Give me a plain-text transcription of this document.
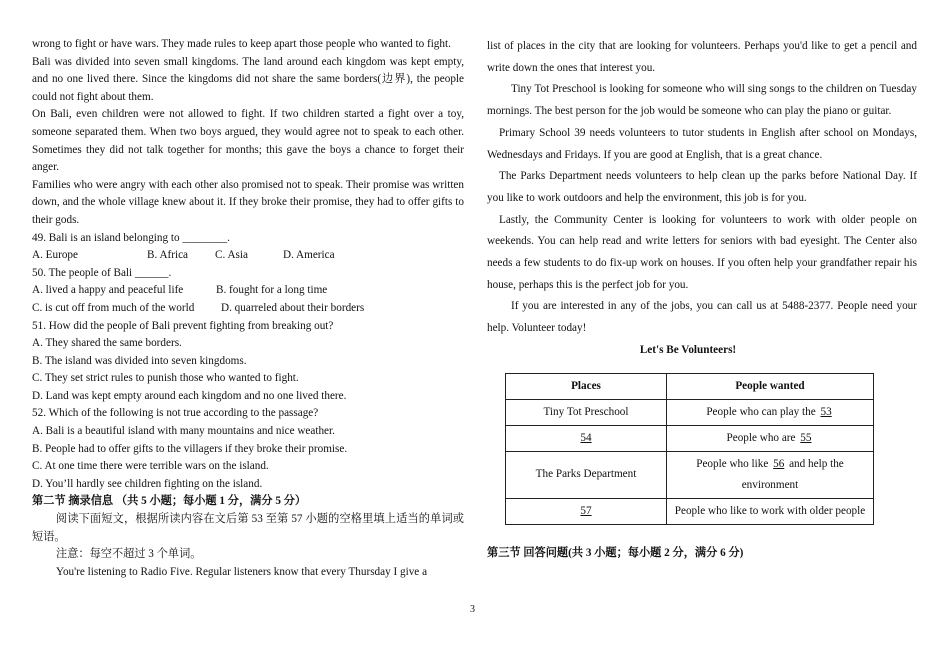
wrong to fight or have wars. They made rules to keep apart those people who wanted to fight.

Bali was divided into seven small kingdoms. The land around each kingdom was kept empty, and no one lived there. Since the kingdoms did not share the same borders(边界), the people could not fight about them.

On Bali, even children were not allowed to fight. If two children started a fight over a toy, someone separated them. When two boys argued, they would agree not to speak to each other. Sometimes they did not talk together for months; this gave the boys a chance to forget their anger.

Families who were angry with each other also promised not to speak. Their promise was written down, and the whole village knew about it. If they broke their promise, they had to offer gifts to their gods.

49. Bali is an island belonging to ________.

A. Europe	B. Africa	C. Asia	D. America

50. The people of Bali ______.

A. lived a happy and peaceful life	B. fought for a long time
C. is cut off from much of the world	D. quarreled about their borders

51. How did the people of Bali prevent fighting from breaking out?

A. They shared the same borders.

B. The island was divided into seven kingdoms.

C. They set strict rules to punish those who wanted to fight.

D. Land was kept empty around each kingdom and no one lived there.

52. Which of the following is not true according to the passage?

A. Bali is a beautiful island with many mountains and nice weather.

B. People had to offer gifts to the villagers if they broke their promise.

C. At one time there were terrible wars on the island.

D. You’ll hardly see children fighting on the island.

第二节 摘录信息 （共 5 小题；每小题 1 分，满分 5 分）

阅读下面短文，根据所读内容在文后第 53 至第 57 小题的空格里填上适当的单词或短语。

注意：每空不超过 3 个单词。

You're listening to Radio Five. Regular listeners know that every Thursday I give a

list of places in the city that are looking for volunteers. Perhaps you'd like to get a pencil and write down the ones that interest you.

Tiny Tot Preschool is looking for someone who will sing songs to the children on Tuesday mornings. The best person for the job would be someone who can play the piano or guitar.

Primary School 39 needs volunteers to tutor students in English after school on Mondays, Wednesdays and Fridays. If you are good at English, that is a great chance.

The Parks Department needs volunteers to help clean up the parks before National Day. If you like to work outdoors and help the environment, this job is for you.

Lastly, the Community Center is looking for volunteers to work with older people on weekends. You can help read and write letters for seniors with bad eyesight. The Center also needs a few students to do fix-up work on houses. If you often help your grandfather repair his house, perhaps this is the perfect job for you.

If you are interested in any of the jobs, you can call us at 5488-2377. People need your help. Volunteer today!

Let's Be Volunteers!

Places	People wanted
Tiny Tot Preschool	People who can play the 53
54	People who are 55
The Parks Department	People who like 56 and help the environment
57	People who like to work with older people

第三节 回答问题(共 3 小题；每小题 2 分，满分 6 分)

3
